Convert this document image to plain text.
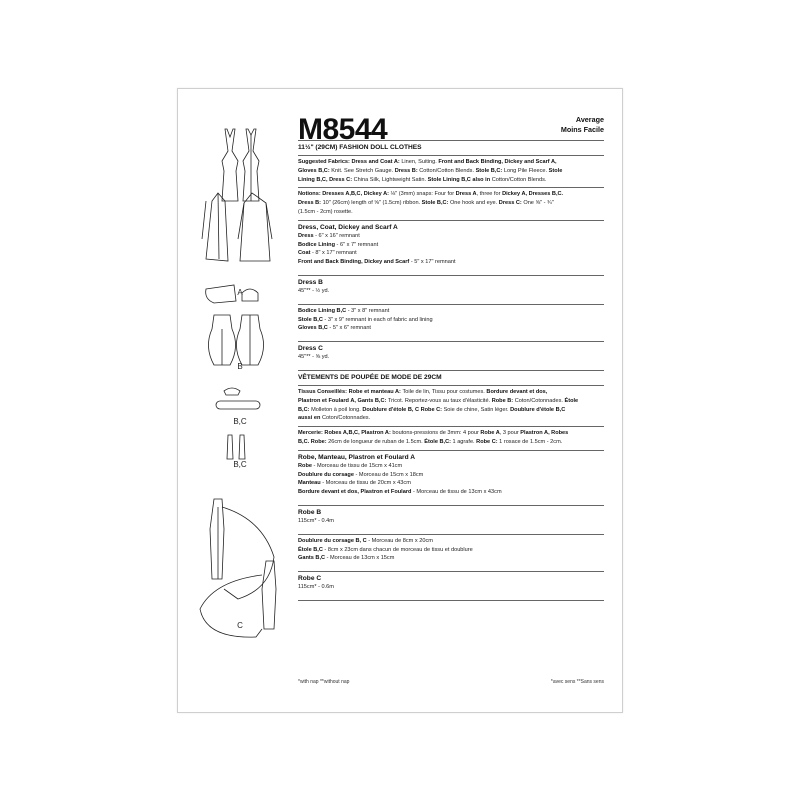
A
B
B,C
B,C
C
M8544	Average
Moins Facile
11½" (29CM) FASHION DOLL CLOTHES
Suggested Fabrics: Dress and Coat A: Linen, Suiting. Front and Back Binding, Dickey and Scarf A,
Gloves B,C: Knit. See Stretch Gauge. Dress B: Cotton/Cotton Blends. Stole B,C: Long Pile Fleece. Stole
Lining B,C, Dress C: China Silk, Lightweight Satin. Stole Lining B,C also in Cotton/Cotton Blends.
Notions: Dresses A,B,C, Dickey A: ⅛" (3mm) snaps: Four for Dress A, three for Dickey A, Dresses B,C.
Dress B: 10" (26cm) length of ⅝" (1.5cm) ribbon. Stole B,C: One hook and eye. Dress C: One ⅝" - ¾"
(1.5cm - 2cm) rosette.
Dress, Coat, Dickey and Scarf A
Dress - 6" x 16" remnant
Bodice Lining - 6" x 7" remnant
Coat - 8" x 17" remnant
Front and Back Binding, Dickey and Scarf - 5" x 17" remnant
Dress B
45"** - ½ yd.
Bodice Lining B,C - 3" x 8" remnant
Stole B,C - 3" x 9" remnant in each of fabric and lining
Gloves B,C - 5" x 6" remnant
Dress C
45"** - ⅝ yd.
VÊTEMENTS DE POUPÉE DE MODE DE 29CM
Tissus Conseillés: Robe et manteau A: Toile de lin, Tissu pour costumes. Bordure devant et dos,
Plastron et Foulard A, Gants B,C: Tricot. Reportez-vous au taux d'élasticité. Robe B: Coton/Cotonnades. Étole
B,C: Molleton à poil long. Doublure d'étole B, C Robe C: Soie de chine, Satin léger. Doublure d'étole B,C
aussi en Coton/Cotonnades.
Mercerie: Robes A,B,C, Plastron A: boutons-pressions de 3mm: 4 pour Robe A, 3 pour Plastron A, Robes
B,C. Robe: 26cm de longueur de ruban de 1.5cm. Étole B,C: 1 agrafe. Robe C: 1 rosace de 1.5cm - 2cm.
Robe, Manteau, Plastron et Foulard A
Robe - Morceau de tissu de 15cm x 41cm
Doublure du corsage - Morceau de 15cm x 18cm
Manteau - Morceau de tissu de 20cm x 43cm
Bordure devant et dos, Plastron et Foulard - Morceau de tissu de 13cm x 43cm
Robe B
115cm* - 0.4m
Doublure du corsage B, C - Morceau de 8cm x 20cm
Étole B,C - 8cm x 23cm dans chacun de morceau de tissu et doublure
Gants B,C - Morceau de 13cm x 15cm
Robe C
115cm* - 0.6m
*with nap **without nap	*avec sens **Sans sens
